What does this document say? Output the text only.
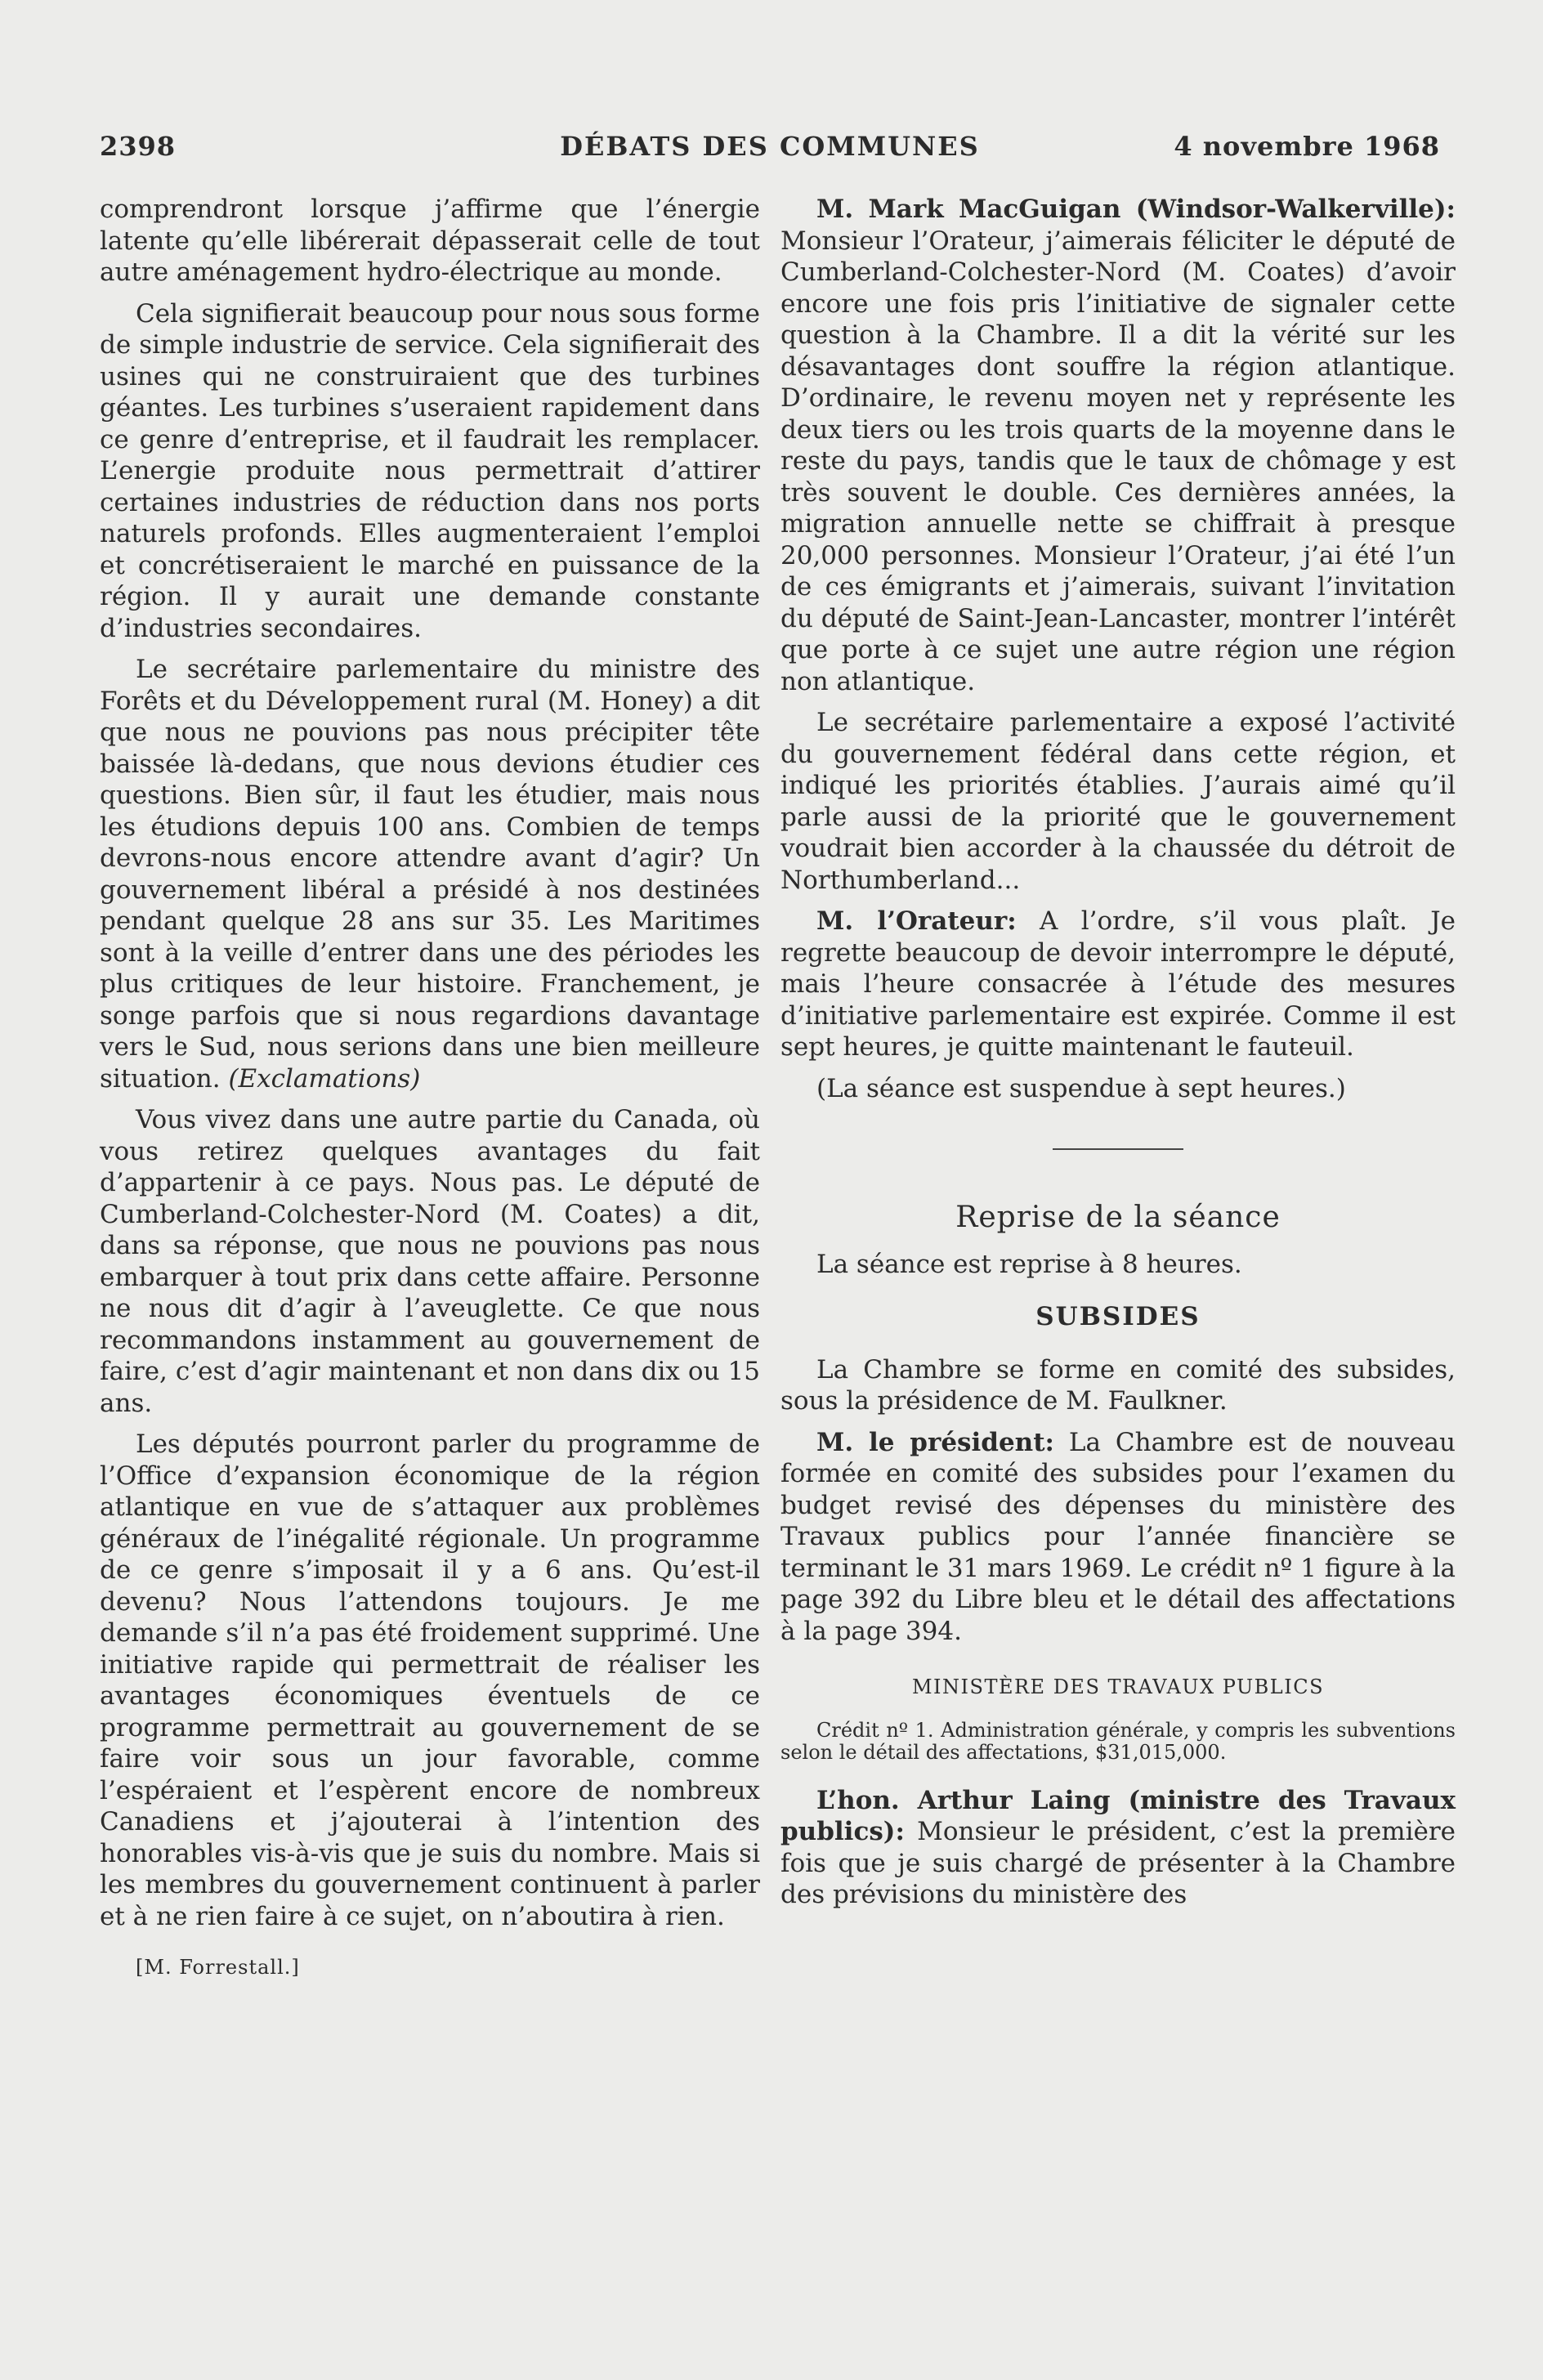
2398	DÉBATS DES COMMUNES	4 novembre 1968

comprendront lorsque j’affirme que l’énergie latente qu’elle libérerait dépasserait celle de tout autre aménagement hydro-électrique au monde.

Cela signifierait beaucoup pour nous sous forme de simple industrie de service. Cela signifierait des usines qui ne construiraient que des turbines géantes. Les turbines s’useraient rapidement dans ce genre d’entreprise, et il faudrait les remplacer. L’energie produite nous permettrait d’attirer certaines industries de réduction dans nos ports naturels profonds. Elles augmenteraient l’emploi et concrétiseraient le marché en puissance de la région. Il y aurait une demande constante d’industries secondaires.

Le secrétaire parlementaire du ministre des Forêts et du Développement rural (M. Honey) a dit que nous ne pouvions pas nous précipiter tête baissée là-dedans, que nous devions étudier ces questions. Bien sûr, il faut les étudier, mais nous les étudions depuis 100 ans. Combien de temps devrons-nous encore attendre avant d’agir? Un gouvernement libéral a présidé à nos destinées pendant quelque 28 ans sur 35. Les Maritimes sont à la veille d’entrer dans une des périodes les plus critiques de leur histoire. Franchement, je songe parfois que si nous regardions davantage vers le Sud, nous serions dans une bien meilleure situation. (Exclamations)

Vous vivez dans une autre partie du Canada, où vous retirez quelques avantages du fait d’appartenir à ce pays. Nous pas. Le député de Cumberland-Colchester-Nord (M. Coates) a dit, dans sa réponse, que nous ne pouvions pas nous embarquer à tout prix dans cette affaire. Personne ne nous dit d’agir à l’aveuglette. Ce que nous recommandons instamment au gouvernement de faire, c’est d’agir maintenant et non dans dix ou 15 ans.

Les députés pourront parler du programme de l’Office d’expansion économique de la région atlantique en vue de s’attaquer aux problèmes généraux de l’inégalité régionale. Un programme de ce genre s’imposait il y a 6 ans. Qu’est-il devenu? Nous l’attendons toujours. Je me demande s’il n’a pas été froidement supprimé. Une initiative rapide qui permettrait de réaliser les avantages économiques éventuels de ce programme permettrait au gouvernement de se faire voir sous un jour favorable, comme l’espéraient et l’espèrent encore de nombreux Canadiens et j’ajouterai à l’intention des honorables vis-à-vis que je suis du nombre. Mais si les membres du gouvernement continuent à parler et à ne rien faire à ce sujet, on n’aboutira à rien.

[M. Forrestall.]

M. Mark MacGuigan (Windsor-Walkerville): Monsieur l’Orateur, j’aimerais féliciter le député de Cumberland-Colchester-Nord (M. Coates) d’avoir encore une fois pris l’initiative de signaler cette question à la Chambre. Il a dit la vérité sur les désavantages dont souffre la région atlantique. D’ordinaire, le revenu moyen net y représente les deux tiers ou les trois quarts de la moyenne dans le reste du pays, tandis que le taux de chômage y est très souvent le double. Ces dernières années, la migration annuelle nette se chiffrait à presque 20,000 personnes. Monsieur l’Orateur, j’ai été l’un de ces émigrants et j’aimerais, suivant l’invitation du député de Saint-Jean-Lancaster, montrer l’intérêt que porte à ce sujet une autre région une région non atlantique.

Le secrétaire parlementaire a exposé l’activité du gouvernement fédéral dans cette région, et indiqué les priorités établies. J’aurais aimé qu’il parle aussi de la priorité que le gouvernement voudrait bien accorder à la chaussée du détroit de Northumberland...

M. l’Orateur: A l’ordre, s’il vous plaît. Je regrette beaucoup de devoir interrompre le député, mais l’heure consacrée à l’étude des mesures d’initiative parlementaire est expirée. Comme il est sept heures, je quitte maintenant le fauteuil.

(La séance est suspendue à sept heures.)

Reprise de la séance

La séance est reprise à 8 heures.

SUBSIDES

La Chambre se forme en comité des subsides, sous la présidence de M. Faulkner.

M. le président: La Chambre est de nouveau formée en comité des subsides pour l’examen du budget revisé des dépenses du ministère des Travaux publics pour l’année financière se terminant le 31 mars 1969. Le crédit nº 1 figure à la page 392 du Libre bleu et le détail des affectations à la page 394.

MINISTÈRE DES TRAVAUX PUBLICS
Crédit nº 1. Administration générale, y compris les subventions selon le détail des affectations, $31,015,000.

L’hon. Arthur Laing (ministre des Travaux publics): Monsieur le président, c’est la première fois que je suis chargé de présenter à la Chambre des prévisions du ministère des
